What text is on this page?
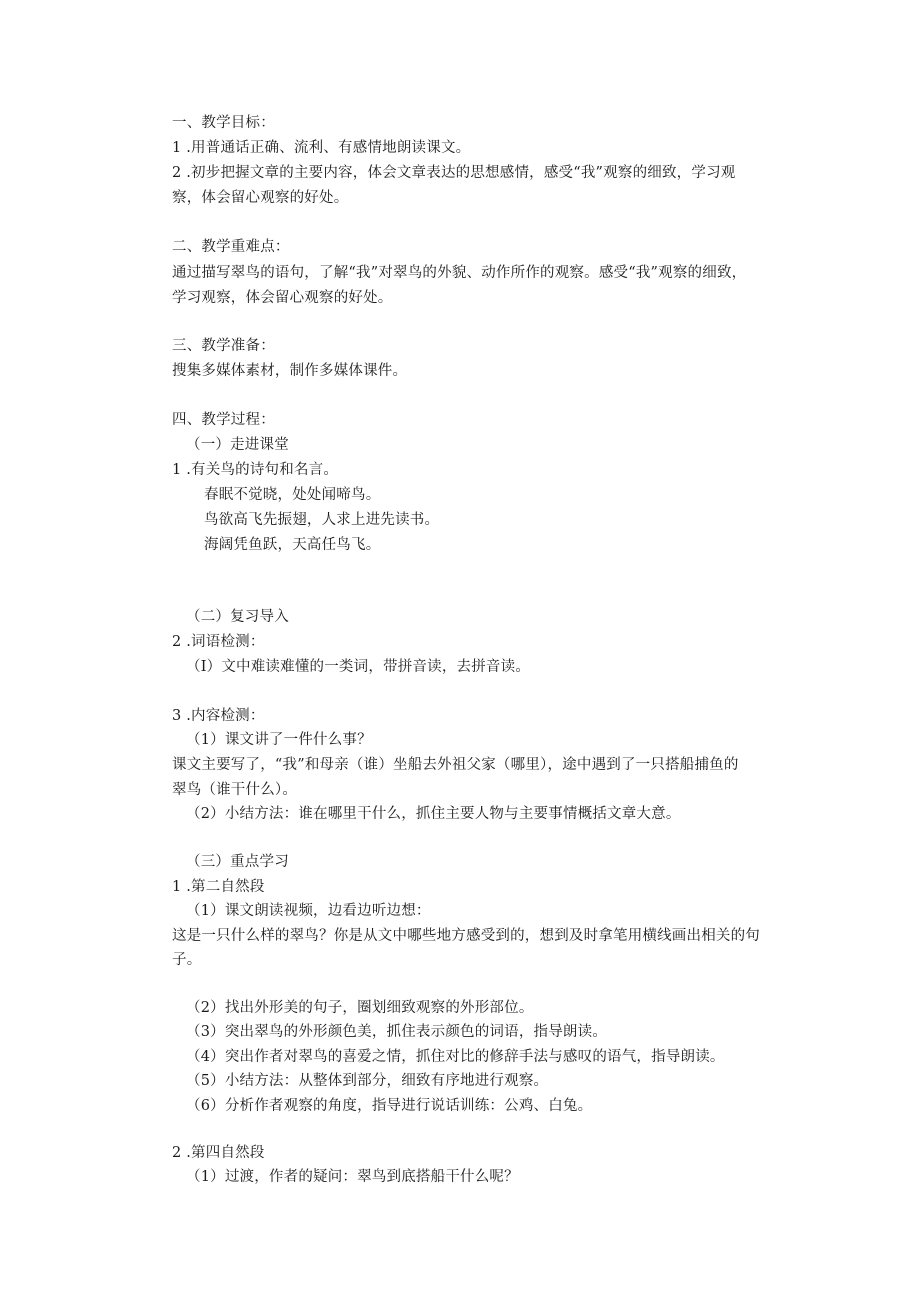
一、教学目标：
1 .用普通话正确、流利、有感情地朗读课文。
2 .初步把握文章的主要内容，体会文章表达的思想感情，感受“我”观察的细致，学习观
察，体会留心观察的好处。
二、教学重难点：
通过描写翠鸟的语句，了解“我”对翠鸟的外貌、动作所作的观察。感受“我”观察的细致，
学习观察，体会留心观察的好处。
三、教学准备：
搜集多媒体素材，制作多媒体课件。
四、教学过程：
（一）走进课堂
1 .有关鸟的诗句和名言。
春眠不觉晓，处处闻啼鸟。
鸟欲高飞先振翅，人求上进先读书。
海阔凭鱼跃，天高任鸟飞。
（二）复习导入
2 .词语检测：
（I）文中难读难懂的一类词，带拼音读，去拼音读。
3 .内容检测：
（1）课文讲了一件什么事？
课文主要写了，“我”和母亲（谁）坐船去外祖父家（哪里），途中遇到了一只搭船捕鱼的
翠鸟（谁干什么）。
（2）小结方法：谁在哪里干什么，抓住主要人物与主要事情概括文章大意。
（三）重点学习
1 .第二自然段
（1）课文朗读视频，边看边听边想：
这是一只什么样的翠鸟？你是从文中哪些地方感受到的，想到及时拿笔用横线画出相关的句
子。
（2）找出外形美的句子，圈划细致观察的外形部位。
（3）突出翠鸟的外形颜色美，抓住表示颜色的词语，指导朗读。
（4）突出作者对翠鸟的喜爱之情，抓住对比的修辞手法与感叹的语气，指导朗读。
（5）小结方法：从整体到部分，细致有序地进行观察。
（6）分析作者观察的角度，指导进行说话训练：公鸡、白兔。
2 .第四自然段
（1）过渡，作者的疑问：翠鸟到底搭船干什么呢？
